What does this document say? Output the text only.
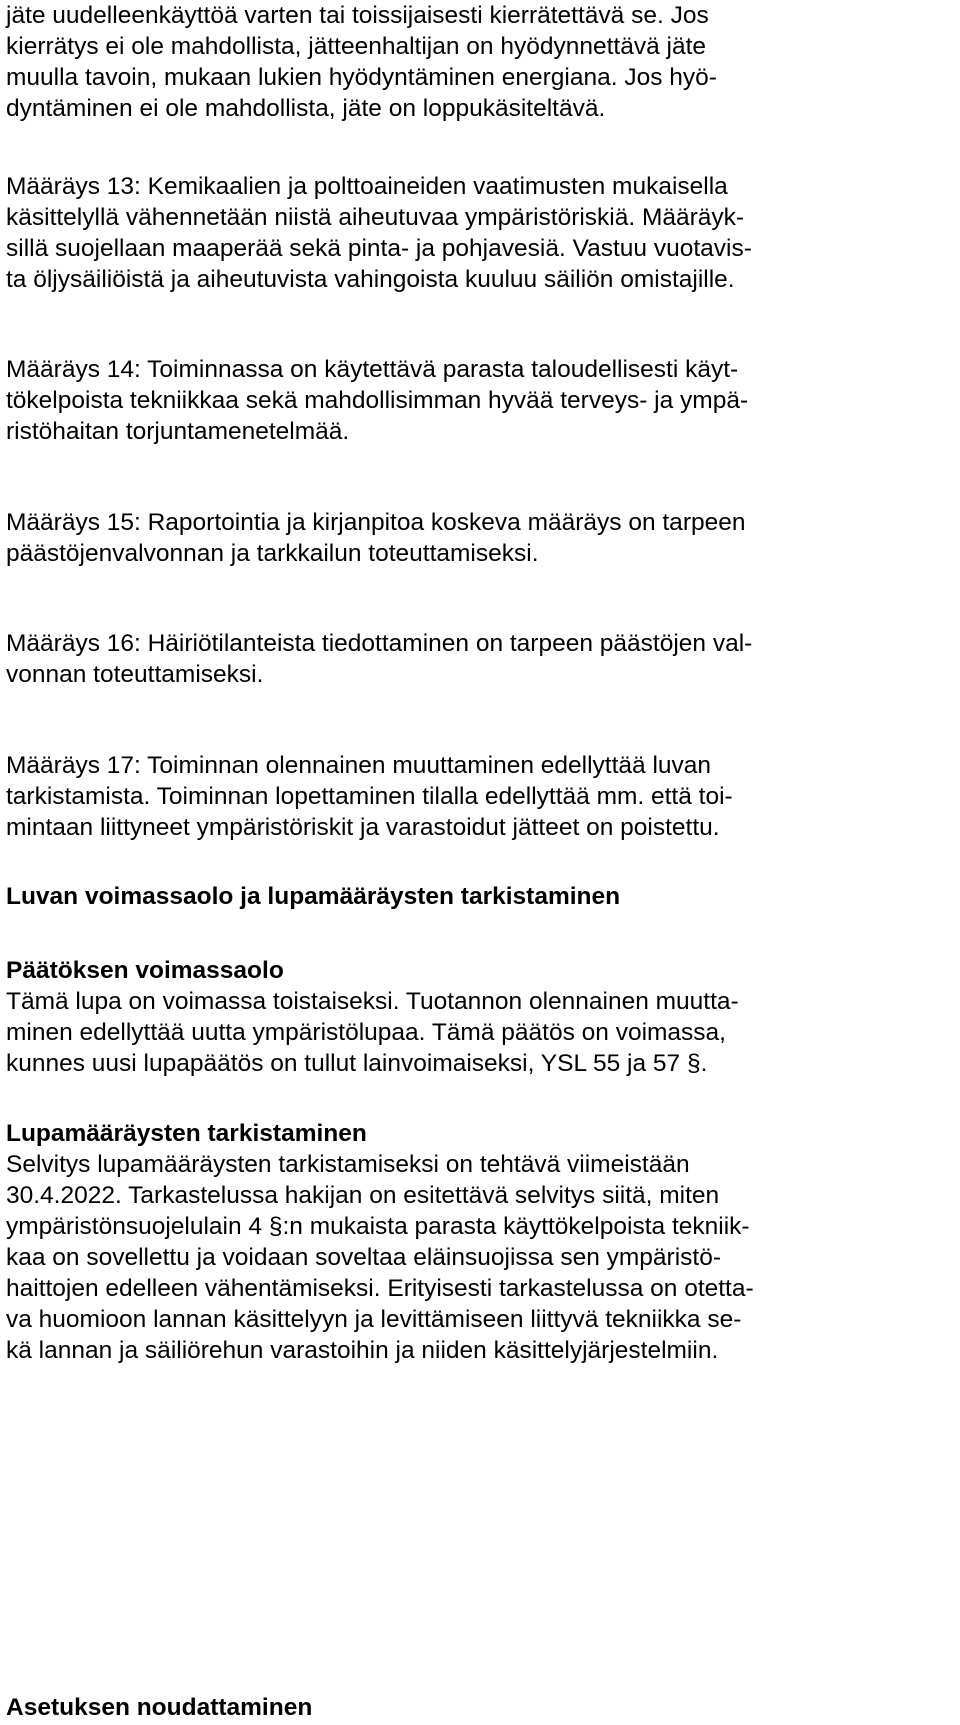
jäte uudelleenkäyttöä varten tai toissijaisesti kierrätettävä se. Jos
kierrätys ei ole mahdollista, jätteenhaltijan on hyödynnettävä jäte
muulla tavoin, mukaan lukien hyödyntäminen energiana. Jos hyö-
dyntäminen ei ole mahdollista, jäte on loppukäsiteltävä.
Määräys 13: Kemikaalien ja polttoaineiden vaatimusten mukaisella
käsittelyllä vähennetään niistä aiheutuvaa ympäristöriskiä. Määräyk-
sillä suojellaan maaperää sekä pinta- ja pohjavesiä. Vastuu vuotavis-
ta öljysäiliöistä ja aiheutuvista vahingoista kuuluu säiliön omistajille.
Määräys 14: Toiminnassa on käytettävä parasta taloudellisesti käyt-
tökelpoista tekniikkaa sekä mahdollisimman hyvää terveys- ja ympä-
ristöhaitan torjuntamenetelmää.
Määräys 15: Raportointia ja kirjanpitoa koskeva määräys on tarpeen
päästöjenvalvonnan ja tarkkailun toteuttamiseksi.
Määräys 16: Häiriötilanteista tiedottaminen on tarpeen päästöjen val-
vonnan toteuttamiseksi.
Määräys 17: Toiminnan olennainen muuttaminen edellyttää luvan
tarkistamista. Toiminnan lopettaminen tilalla edellyttää mm. että toi-
mintaan liittyneet ympäristöriskit ja varastoidut jätteet on poistettu.
Luvan voimassaolo ja lupamääräysten tarkistaminen
Päätöksen voimassaolo
Tämä lupa on voimassa toistaiseksi. Tuotannon olennainen muutta-
minen edellyttää uutta ympäristölupaa. Tämä päätös on voimassa,
kunnes uusi lupapäätös on tullut lainvoimaiseksi, YSL 55 ja 57 §.
Lupamääräysten tarkistaminen
Selvitys lupamääräysten tarkistamiseksi on tehtävä viimeistään
30.4.2022. Tarkastelussa hakijan on esitettävä selvitys siitä, miten
ympäristönsuojelulain 4 §:n mukaista parasta käyttökelpoista tekniik-
kaa on sovellettu ja voidaan soveltaa eläinsuojissa sen ympäristö-
haittojen edelleen vähentämiseksi. Erityisesti tarkastelussa on otetta-
va huomioon lannan käsittelyyn ja levittämiseen liittyvä tekniikka se-
kä lannan ja säiliörehun varastoihin ja niiden käsittelyjärjestelmiin.
Asetuksen noudattaminen
